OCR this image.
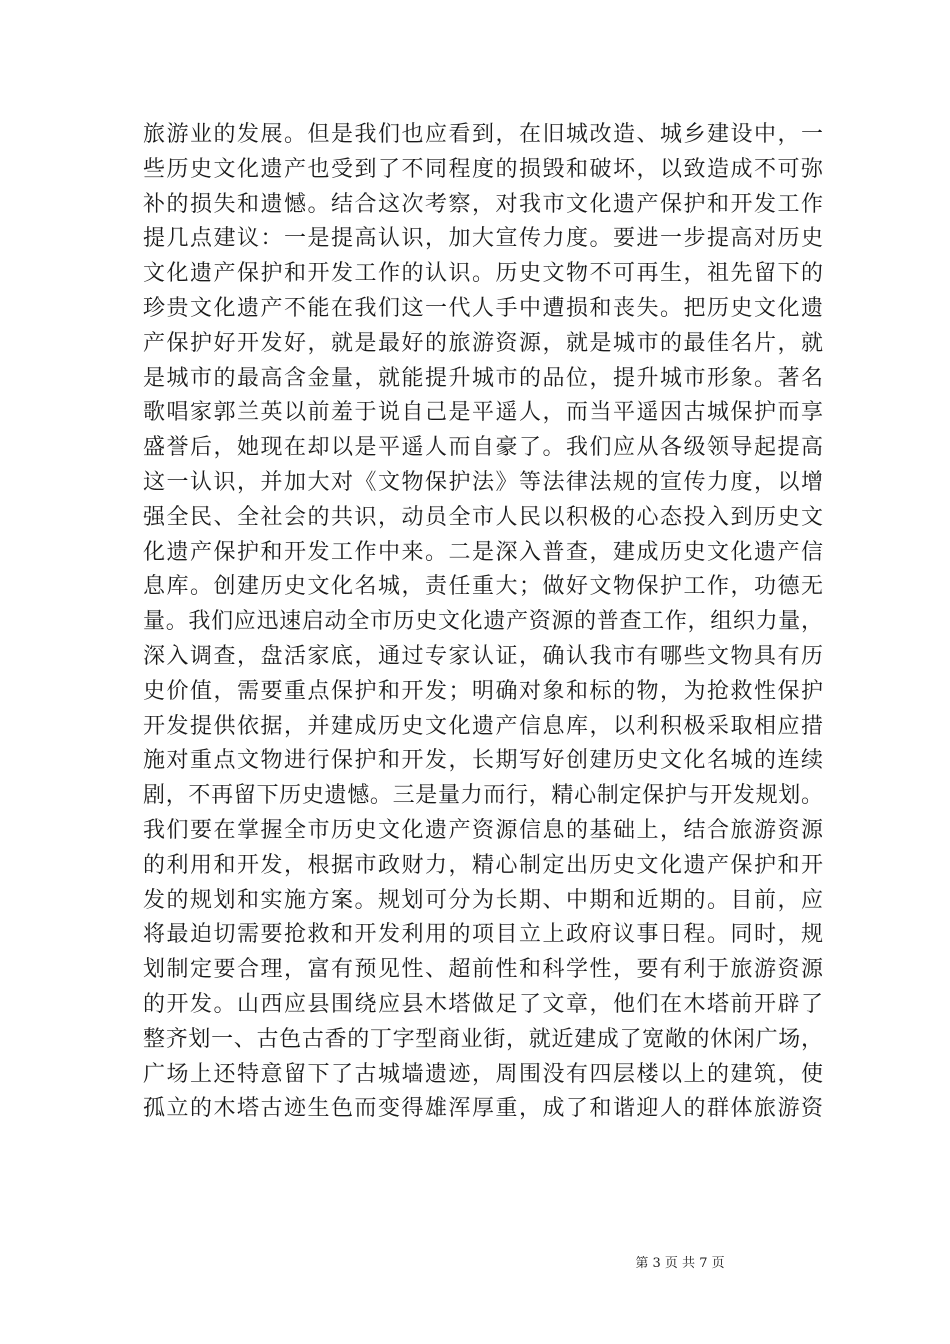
旅游业的发展。但是我们也应看到，在旧城改造、城乡建设中，一
些历史文化遗产也受到了不同程度的损毁和破坏，以致造成不可弥
补的损失和遗憾。结合这次考察，对我市文化遗产保护和开发工作
提几点建议：一是提高认识，加大宣传力度。要进一步提高对历史
文化遗产保护和开发工作的认识。历史文物不可再生，祖先留下的
珍贵文化遗产不能在我们这一代人手中遭损和丧失。把历史文化遗
产保护好开发好，就是最好的旅游资源，就是城市的最佳名片，就
是城市的最高含金量，就能提升城市的品位，提升城市形象。著名
歌唱家郭兰英以前羞于说自己是平遥人，而当平遥因古城保护而享
盛誉后，她现在却以是平遥人而自豪了。我们应从各级领导起提高
这一认识，并加大对《文物保护法》等法律法规的宣传力度，以增
强全民、全社会的共识，动员全市人民以积极的心态投入到历史文
化遗产保护和开发工作中来。二是深入普查，建成历史文化遗产信
息库。创建历史文化名城，责任重大；做好文物保护工作，功德无
量。我们应迅速启动全市历史文化遗产资源的普查工作，组织力量，
深入调查，盘活家底，通过专家认证，确认我市有哪些文物具有历
史价值，需要重点保护和开发；明确对象和标的物，为抢救性保护
开发提供依据，并建成历史文化遗产信息库，以利积极采取相应措
施对重点文物进行保护和开发，长期写好创建历史文化名城的连续
剧，不再留下历史遗憾。三是量力而行，精心制定保护与开发规划。
我们要在掌握全市历史文化遗产资源信息的基础上，结合旅游资源
的利用和开发，根据市政财力，精心制定出历史文化遗产保护和开
发的规划和实施方案。规划可分为长期、中期和近期的。目前，应
将最迫切需要抢救和开发利用的项目立上政府议事日程。同时，规
划制定要合理，富有预见性、超前性和科学性，要有利于旅游资源
的开发。山西应县围绕应县木塔做足了文章，他们在木塔前开辟了
整齐划一、古色古香的丁字型商业街，就近建成了宽敞的休闲广场，
广场上还特意留下了古城墙遗迹，周围没有四层楼以上的建筑，使
孤立的木塔古迹生色而变得雄浑厚重，成了和谐迎人的群体旅游资
第 3 页 共 7 页
